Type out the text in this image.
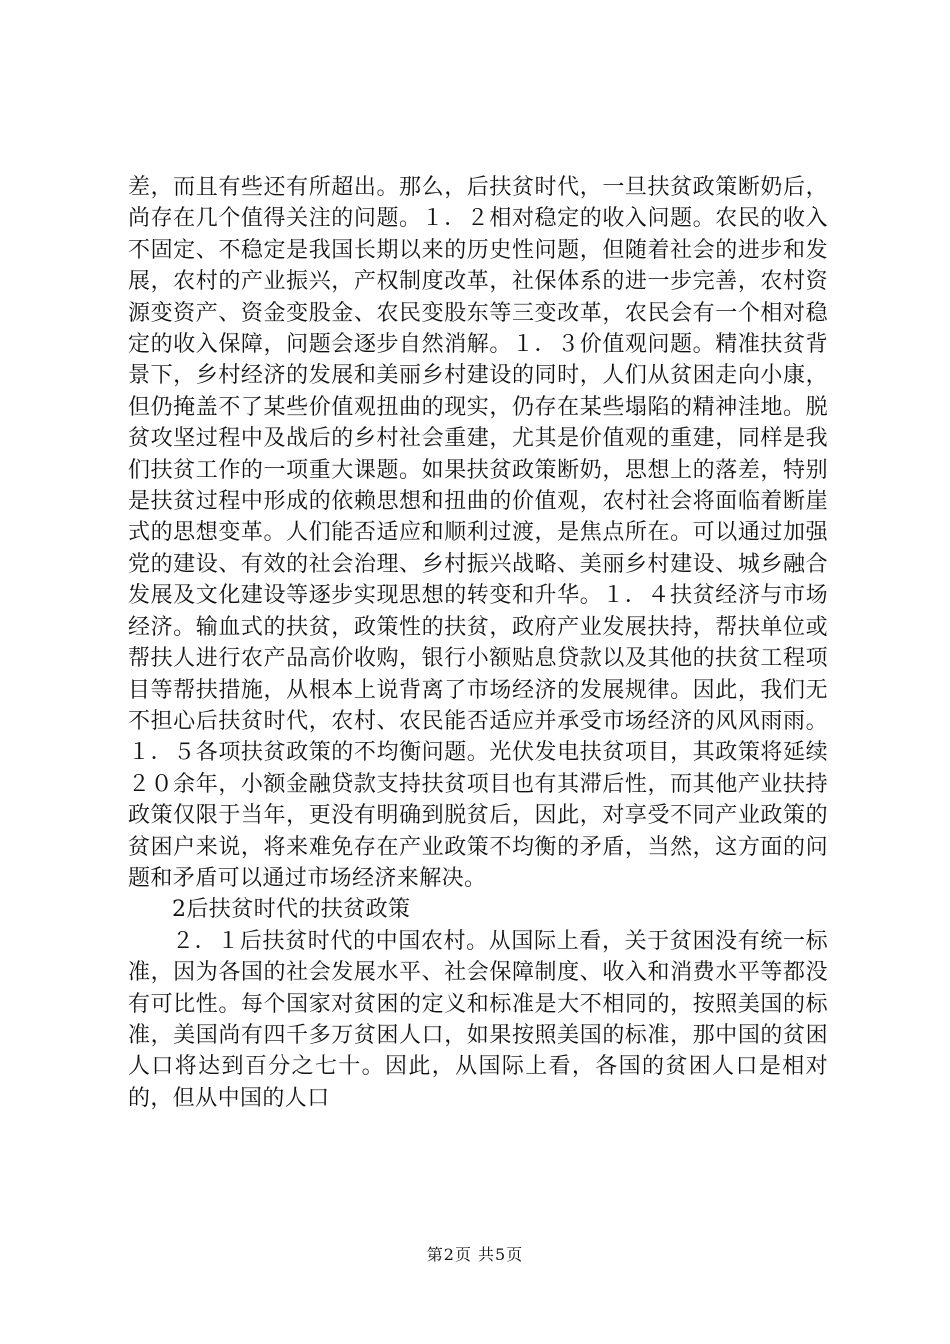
差，而且有些还有所超出。那么，后扶贫时代，一旦扶贫政策断奶后，尚存在几个值得关注的问题。１．２相对稳定的收入问题。农民的收入不固定、不稳定是我国长期以来的历史性问题，但随着社会的进步和发展，农村的产业振兴，产权制度改革，社保体系的进一步完善，农村资源变资产、资金变股金、农民变股东等三变改革，农民会有一个相对稳定的收入保障，问题会逐步自然消解。１．３价值观问题。精准扶贫背景下，乡村经济的发展和美丽乡村建设的同时，人们从贫困走向小康，但仍掩盖不了某些价值观扭曲的现实，仍存在某些塌陷的精神洼地。脱贫攻坚过程中及战后的乡村社会重建，尤其是价值观的重建，同样是我们扶贫工作的一项重大课题。如果扶贫政策断奶，思想上的落差，特别是扶贫过程中形成的依赖思想和扭曲的价值观，农村社会将面临着断崖式的思想变革。人们能否适应和顺利过渡，是焦点所在。可以通过加强党的建设、有效的社会治理、乡村振兴战略、美丽乡村建设、城乡融合发展及文化建设等逐步实现思想的转变和升华。１．４扶贫经济与市场经济。输血式的扶贫，政策性的扶贫，政府产业发展扶持，帮扶单位或帮扶人进行农产品高价收购，银行小额贴息贷款以及其他的扶贫工程项目等帮扶措施，从根本上说背离了市场经济的发展规律。因此，我们无不担心后扶贫时代，农村、农民能否适应并承受市场经济的风风雨雨。１．５各项扶贫政策的不均衡问题。光伏发电扶贫项目，其政策将延续２０余年，小额金融贷款支持扶贫项目也有其滞后性，而其他产业扶持政策仅限于当年，更没有明确到脱贫后，因此，对享受不同产业政策的贫困户来说，将来难免存在产业政策不均衡的矛盾，当然，这方面的问题和矛盾可以通过市场经济来解决。

2后扶贫时代的扶贫政策

２．１后扶贫时代的中国农村。从国际上看，关于贫困没有统一标准，因为各国的社会发展水平、社会保障制度、收入和消费水平等都没有可比性。每个国家对贫困的定义和标准是大不相同的，按照美国的标准，美国尚有四千多万贫困人口，如果按照美国的标准，那中国的贫困人口将达到百分之七十。因此，从国际上看，各国的贫困人口是相对的，但从中国的人口

第2页 共5页
